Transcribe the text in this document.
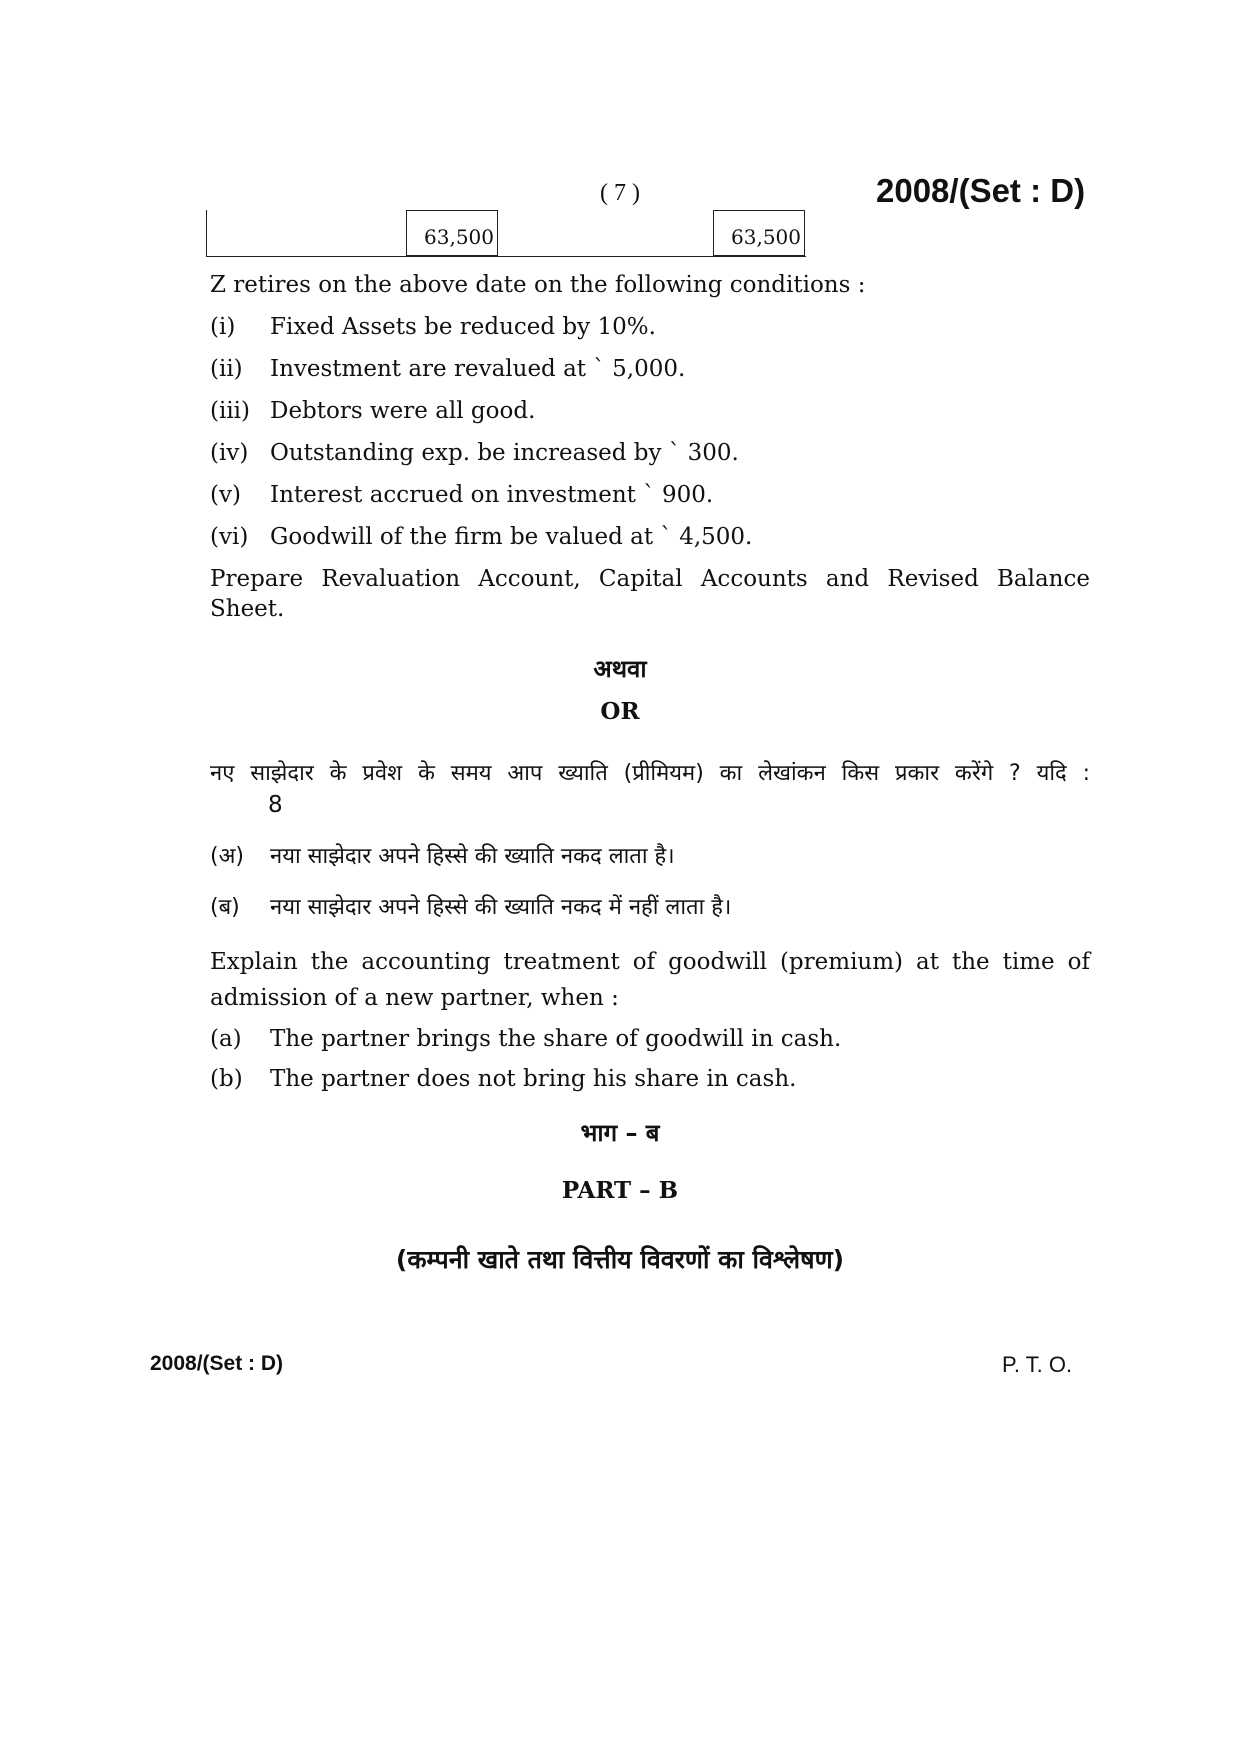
( 7 )	2008/(Set : D)
63,500	63,500
Z retires on the above date on the following conditions :
(i) Fixed Assets be reduced by 10%.
(ii) Investment are revalued at ` 5,000.
(iii) Debtors were all good.
(iv) Outstanding exp. be increased by ` 300.
(v) Interest accrued on investment ` 900.
(vi) Goodwill of the firm be valued at ` 4,500.
Prepare Revaluation Account, Capital Accounts and Revised Balance
Sheet.
अथवा
OR
नए साझेदार के प्रवेश के समय आप ख्याति (प्रीमियम) का लेखांकन किस प्रकार करेंगे ? यदि :
8
(अ) नया साझेदार अपने हिस्से की ख्याति नकद लाता है।
(ब) नया साझेदार अपने हिस्से की ख्याति नकद में नहीं लाता है।
Explain the accounting treatment of goodwill (premium) at the time of
admission of a new partner, when :
(a) The partner brings the share of goodwill in cash.
(b) The partner does not bring his share in cash.
भाग – ब
PART – B
(कम्पनी खाते तथा वित्तीय विवरणों का विश्लेषण)
2008/(Set : D)	P. T. O.
